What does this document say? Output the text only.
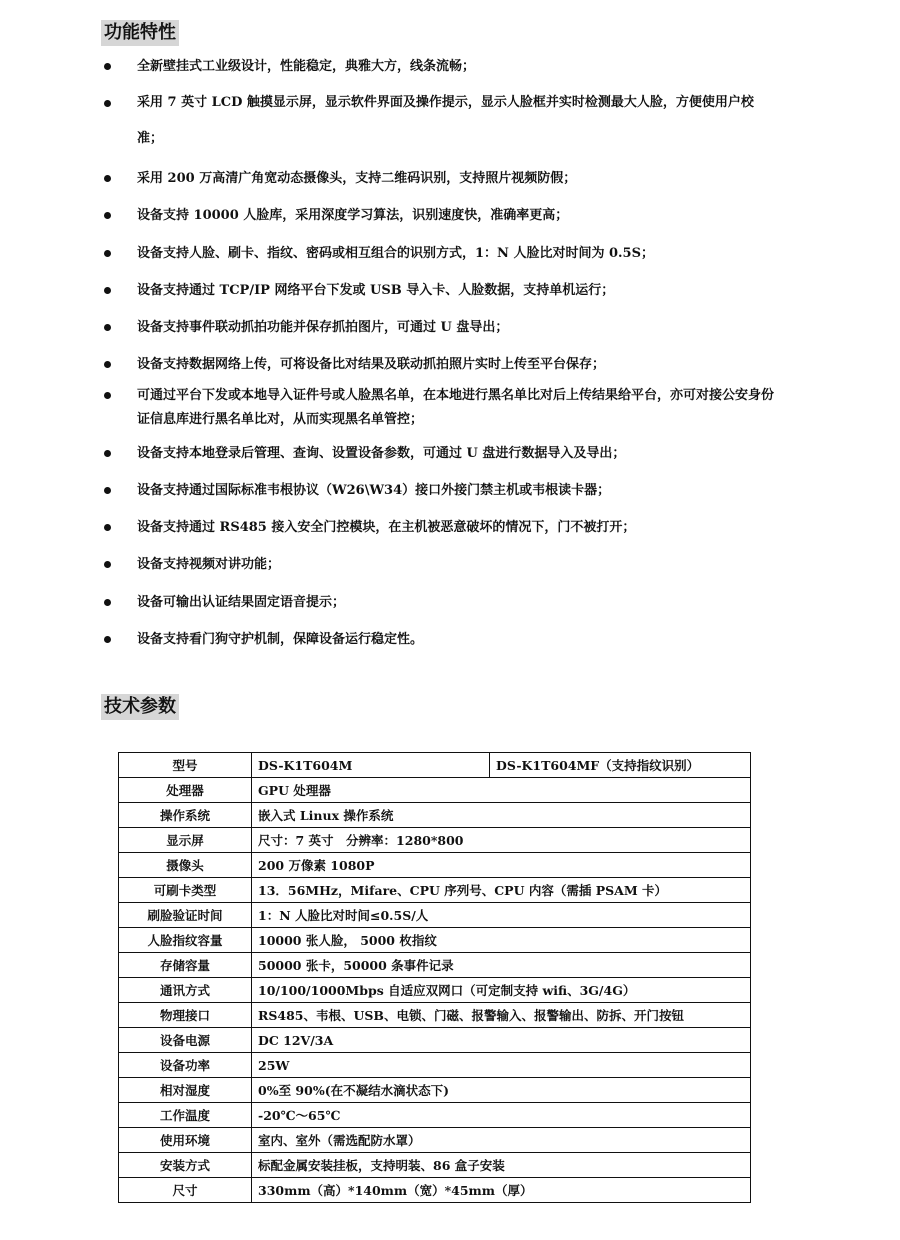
功能特性
全新壁挂式工业级设计，性能稳定，典雅大方，线条流畅；
采用 7 英寸 LCD 触摸显示屏，显示软件界面及操作提示，显示人脸框并实时检测最大人脸，方便使用户校准；
采用 200 万高清广角宽动态摄像头，支持二维码识别，支持照片视频防假；
设备支持 10000 人脸库，采用深度学习算法，识别速度快，准确率更高；
设备支持人脸、刷卡、指纹、密码或相互组合的识别方式，1：N 人脸比对时间为 0.5S；
设备支持通过 TCP/IP 网络平台下发或 USB 导入卡、人脸数据，支持单机运行；
设备支持事件联动抓拍功能并保存抓拍图片，可通过 U 盘导出；
设备支持数据网络上传，可将设备比对结果及联动抓拍照片实时上传至平台保存；
可通过平台下发或本地导入证件号或人脸黑名单，在本地进行黑名单比对后上传结果给平台，亦可对接公安身份证信息库进行黑名单比对，从而实现黑名单管控；
设备支持本地登录后管理、查询、设置设备参数，可通过 U 盘进行数据导入及导出；
设备支持通过国际标准韦根协议（W26\W34）接口外接门禁主机或韦根读卡器；
设备支持通过 RS485 接入安全门控模块，在主机被恶意破坏的情况下，门不被打开；
设备支持视频对讲功能；
设备可输出认证结果固定语音提示；
设备支持看门狗守护机制，保障设备运行稳定性。
技术参数
型号	DS-K1T604M	DS-K1T604MF（支持指纹识别）
处理器	GPU 处理器	
操作系统	嵌入式 Linux 操作系统	
显示屏	尺寸：7 英寸　分辨率：1280*800	
摄像头	200 万像素 1080P	
可刷卡类型	13．56MHz，Mifare、CPU 序列号、CPU 内容（需插 PSAM 卡）	
刷脸验证时间	1：N 人脸比对时间≤0.5S/人	
人脸指纹容量	10000 张人脸， 5000 枚指纹	
存储容量	50000 张卡，50000 条事件记录	
通讯方式	10/100/1000Mbps 自适应双网口（可定制支持 wifi、3G/4G）	
物理接口	RS485、韦根、USB、电锁、门磁、报警输入、报警输出、防拆、开门按钮	
设备电源	DC 12V/3A	
设备功率	25W	
相对湿度	0%至 90%(在不凝结水滴状态下)	
工作温度	-20℃～65℃	
使用环境	室内、室外（需选配防水罩）	
安装方式	标配金属安装挂板，支持明装、86 盒子安装	
尺寸	330mm（高）*140mm（宽）*45mm（厚）	
